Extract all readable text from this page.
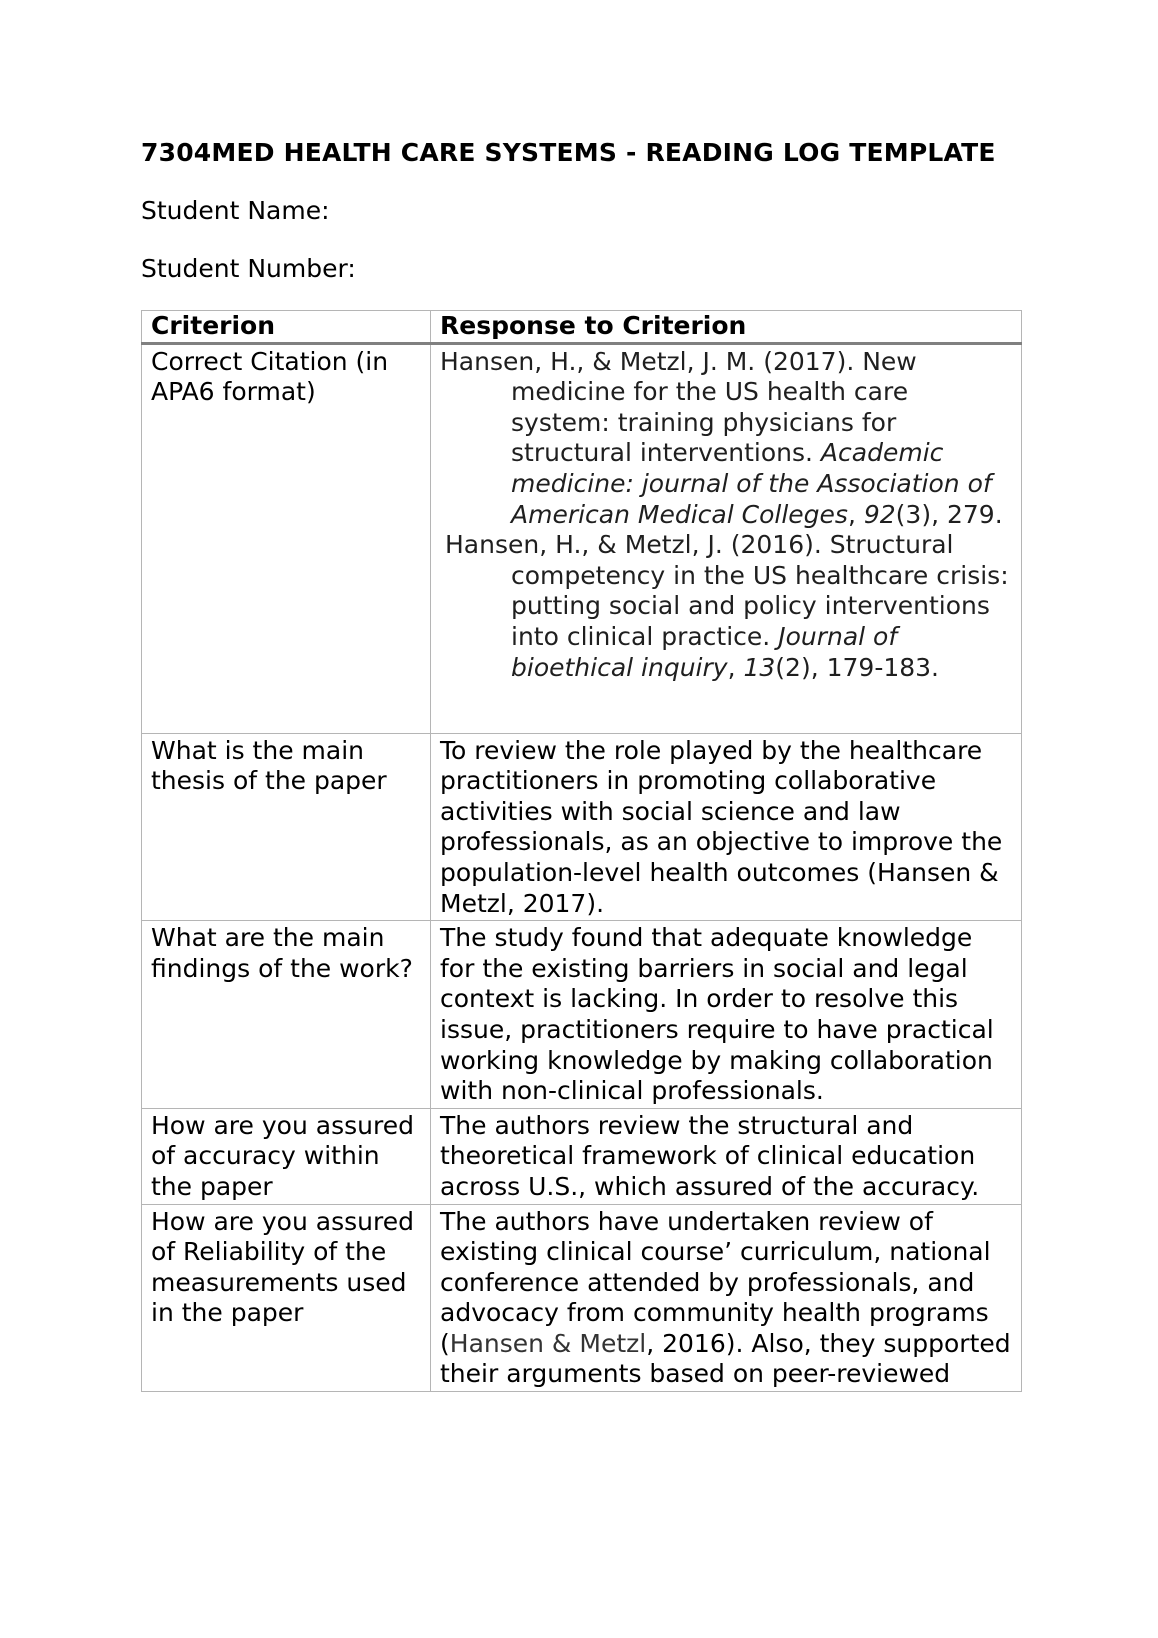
7304MED HEALTH CARE SYSTEMS - READING LOG TEMPLATE
Student Name:
Student Number:
Criterion	Response to Criterion
Correct Citation (in APA6 format)	Hansen, H., & Metzl, J. M. (2017). New medicine for the US health care system: training physicians for structural interventions. Academic medicine: journal of the Association of American Medical Colleges, 92(3), 279.
Hansen, H., & Metzl, J. (2016). Structural competency in the US healthcare crisis: putting social and policy interventions into clinical practice. Journal of bioethical inquiry, 13(2), 179-183.

What is the main thesis of the paper	To review the role played by the healthcare practitioners in promoting collaborative activities with social science and law professionals, as an objective to improve the population-level health outcomes (Hansen & Metzl, 2017).
What are the main findings of the work?	The study found that adequate knowledge for the existing barriers in social and legal context is lacking. In order to resolve this issue, practitioners require to have practical working knowledge by making collaboration with non-clinical professionals.
How are you assured of accuracy within the paper	The authors review the structural and theoretical framework of clinical education across U.S., which assured of the accuracy.
How are you assured of Reliability of the measurements used in the paper	The authors have undertaken review of existing clinical course’ curriculum, national conference attended by professionals, and advocacy from community health programs (Hansen & Metzl, 2016). Also, they supported their arguments based on peer-reviewed
